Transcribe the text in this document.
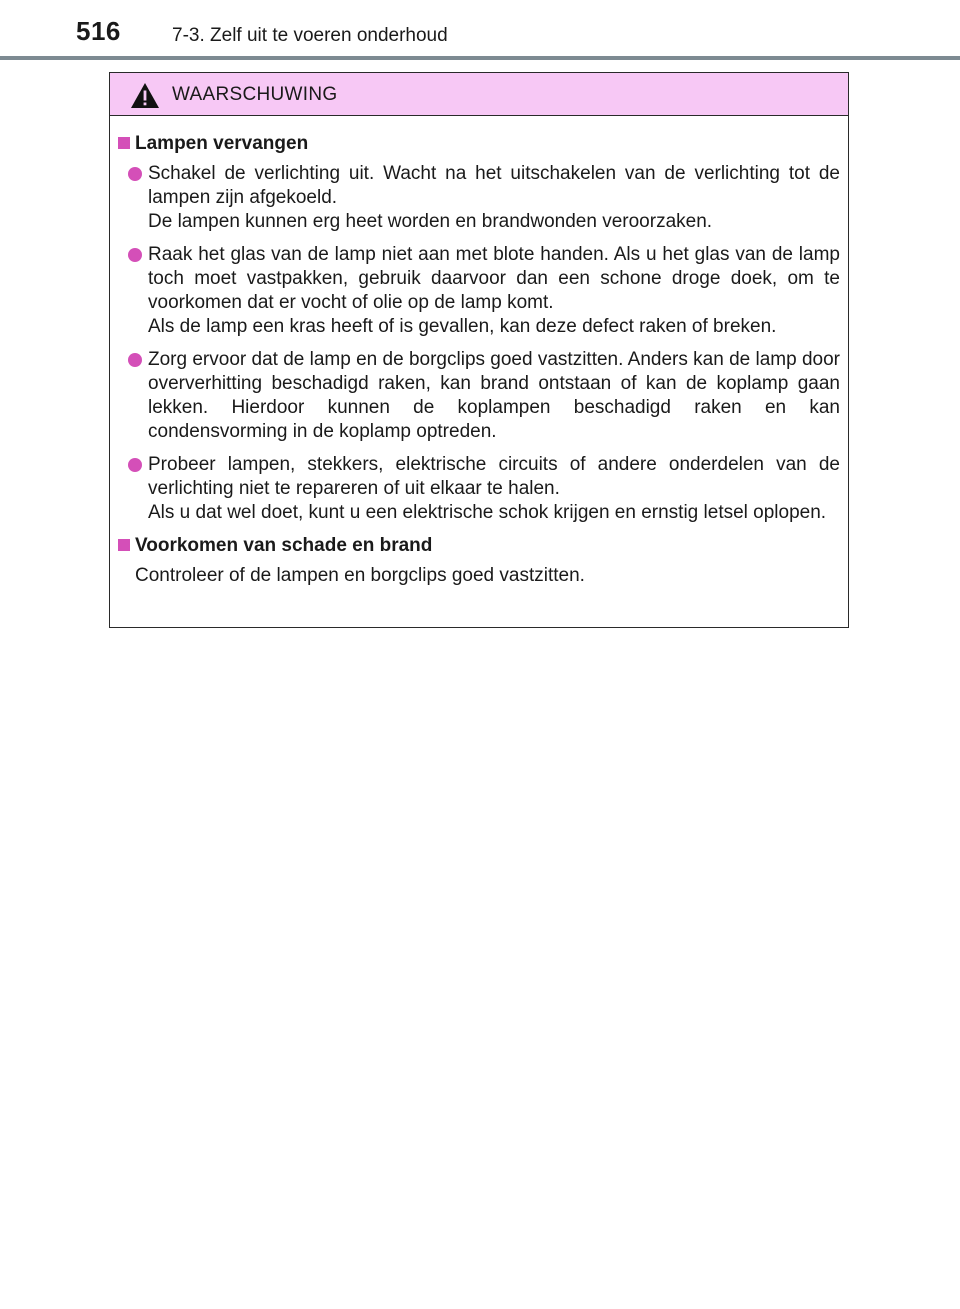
516	7-3. Zelf uit te voeren onderhoud
WAARSCHUWING
Lampen vervangen

Schakel de verlichting uit. Wacht na het uitschakelen van de verlichting tot de lampen zijn afgekoeld.

De lampen kunnen erg heet worden en brandwonden veroorzaken.

Raak het glas van de lamp niet aan met blote handen. Als u het glas van de lamp toch moet vastpakken, gebruik daarvoor dan een schone droge doek, om te voorkomen dat er vocht of olie op de lamp komt.

Als de lamp een kras heeft of is gevallen, kan deze defect raken of breken.

Zorg ervoor dat de lamp en de borgclips goed vastzitten. Anders kan de lamp door oververhitting beschadigd raken, kan brand ontstaan of kan de koplamp gaan lekken. Hierdoor kunnen de koplampen beschadigd raken en kan condensvorming in de koplamp optreden.

Probeer lampen, stekkers, elektrische circuits of andere onderdelen van de verlichting niet te repareren of uit elkaar te halen.

Als u dat wel doet, kunt u een elektrische schok krijgen en ernstig letsel oplopen.

Voorkomen van schade en brand
Controleer of de lampen en borgclips goed vastzitten.
